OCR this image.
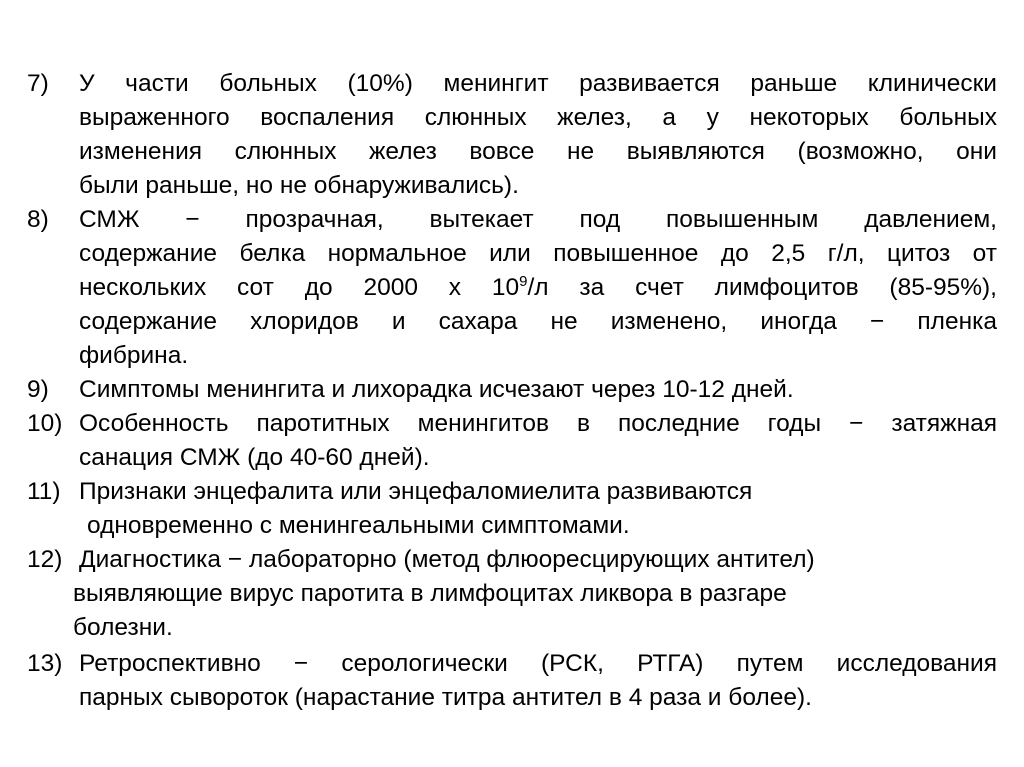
7) У части больных (10%) менингит развивается раньше клинически
выраженного воспаления слюнных желез, а у некоторых больных
изменения слюнных желез вовсе не выявляются (возможно, они
были раньше, но не обнаруживались).
8) СМЖ − прозрачная, вытекает под повышенным давлением,
содержание белка нормальное или повышенное до 2,5 г/л, цитоз от
нескольких сот до 2000 х $10^9/л$ за счет лимфоцитов (85-95%),
содержание хлоридов и сахара не изменено, иногда − пленка
фибрина.
9) Симптомы менингита и лихорадка исчезают через 10-12 дней.
10) Особенность паротитных менингитов в последние годы − затяжная
санация СМЖ (до 40-60 дней).
11) Признаки энцефалита или энцефаломиелита развиваются
одновременно с менингеальными симптомами.
12) Диагностика − лабораторно (метод флюоресцирующих антител)
выявляющие вирус паротита в лимфоцитах ликвора в разгаре
болезни.
13) Ретроспективно − серологически (РСК, РТГА) путем исследования
парных сывороток (нарастание титра антител в 4 раза и более).
